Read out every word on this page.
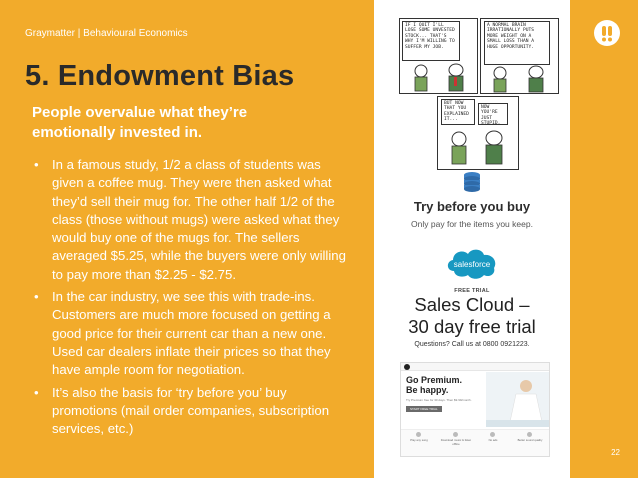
Graymatter | Behavioural Economics
5. Endowment Bias
People overvalue what they’re emotionally invested in.
• In a famous study, 1/2 a class of students was given a coffee mug. They were then asked what they’d sell their mug for. The other half 1/2 of the class (those without mugs) were asked what they would buy one of the mugs for. The sellers averaged $5.25, while the buyers were only willing to pay more than $2.25 - $2.75.
• In the car industry, we see this with trade-ins. Customers are much more focused on getting a good price for their current car than a new one. Used car dealers inflate their prices so that they have ample room for negotiation.
• It’s also the basis for ‘try before you’ buy promotions (mail order companies, subscription services, etc.)
IF I QUIT I'LL LOSE SOME UNVESTED STOCK... THAT'S WHY I'M WILLING TO SUFFER MY JOB.
A NORMAL BRAIN IRRATIONALLY PUTS MORE WEIGHT ON A SMALL LOSS THAN A HUGE OPPORTUNITY.
BUT NOW THAT YOU EXPLAINED IT...
NOW YOU'RE JUST STUPID.
Try before you buy
Only pay for the items you keep.
salesforce
FREE TRIAL
Sales Cloud –
30 day free trial
Questions? Call us at 0800 0921223.
Go Premium. Be happy.
Try Premium free for 30 days. Then $9.99/month.
START FREE TRIAL
Play any song	Download music & listen offline
No ads	Better sound quality
22
